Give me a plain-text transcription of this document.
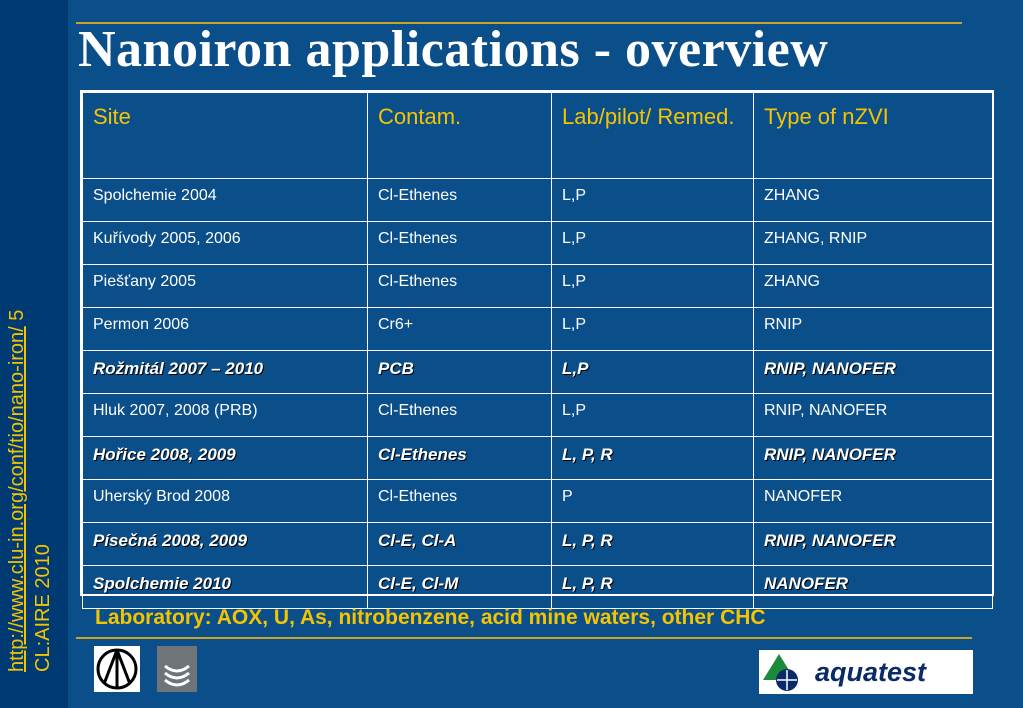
http://www.clu-in.org/conf/tio/nano-iron/ 5
CL:AIRE 2010
Nanoiron applications - overview
Site	Contam.	Lab/pilot/ Remed.	Type of nZVI
Spolchemie 2004	Cl-Ethenes	L,P	ZHANG
Kuřívody 2005, 2006	Cl-Ethenes	L,P	ZHANG, RNIP
Piešťany 2005	Cl-Ethenes	L,P	ZHANG
Permon 2006	Cr6+	L,P	RNIP
Rožmitál 2007 – 2010	PCB	L,P	RNIP, NANOFER
Hluk 2007, 2008 (PRB)	Cl-Ethenes	L,P	RNIP, NANOFER
Hořice 2008, 2009	Cl-Ethenes	L, P, R	RNIP, NANOFER
Uherský Brod 2008	Cl-Ethenes	P	NANOFER
Písečná 2008, 2009	Cl-E, Cl-A	L, P, R	RNIP, NANOFER
Spolchemie 2010	Cl-E, Cl-M	L, P, R	NANOFER

Laboratory: AOX, U, As, nitrobenzene, acid mine waters, other CHC

aquatest
